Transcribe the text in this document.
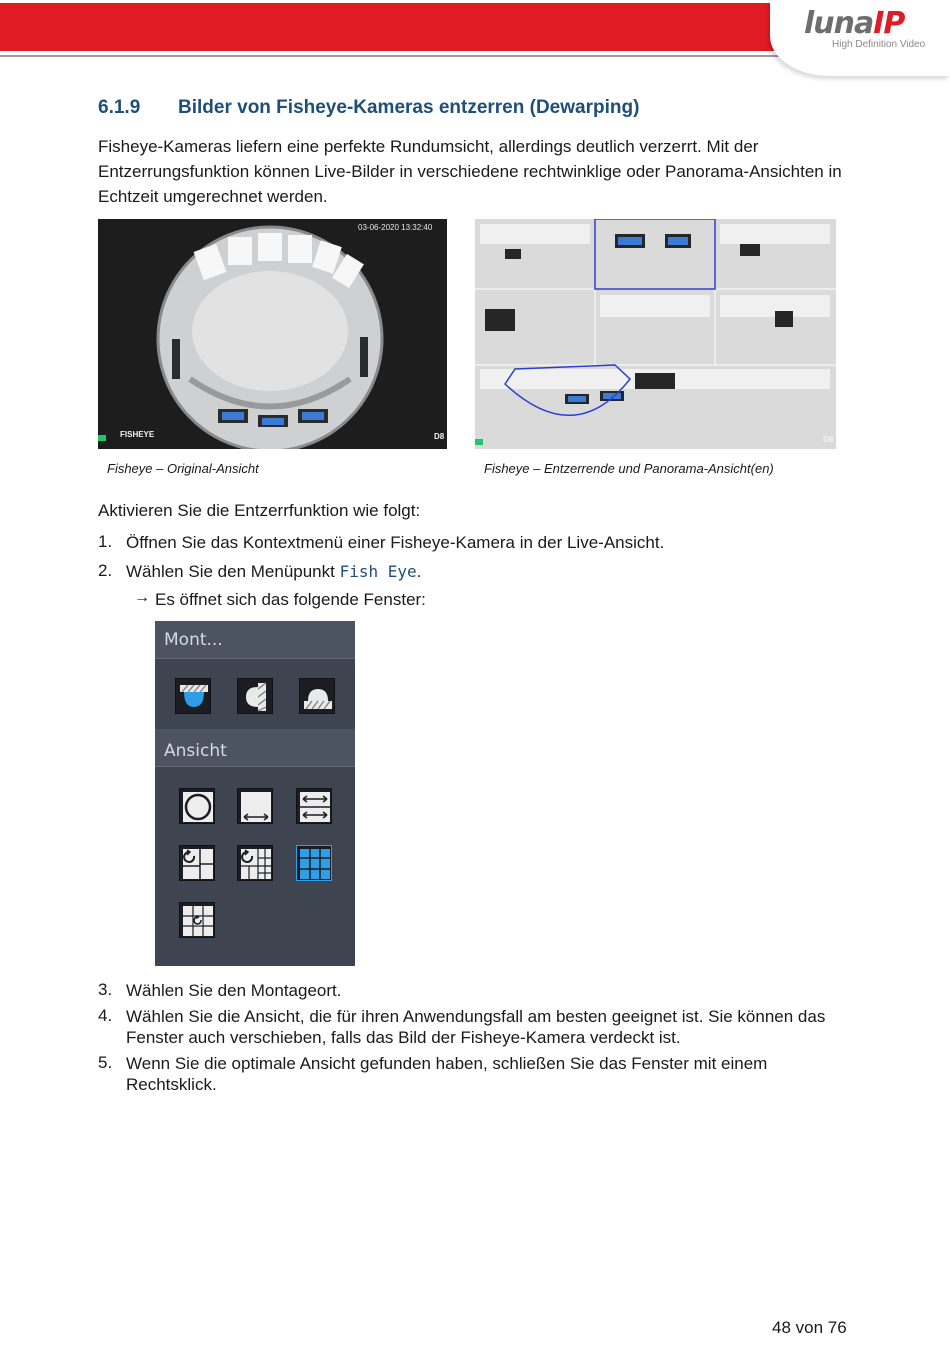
lunaIP
High Definition Video
6.1.9 Bilder von Fisheye-Kameras entzerren (Dewarping)

Fisheye-Kameras liefern eine perfekte Rundumsicht, allerdings deutlich verzerrt. Mit der Entzerrungsfunktion können Live-Bilder in verschiedene rechtwinklige oder Panorama-Ansichten in Echtzeit umgerechnet werden.

03-06-2020 13:32:40
FISHEYE	D8	D8
Fisheye – Original-Ansicht	Fisheye – Entzerrende und Panorama-Ansicht(en)
Aktivieren Sie die Entzerrfunktion wie folgt:
1. Öffnen Sie das Kontextmenü einer Fisheye-Kamera in der Live-Ansicht.
2. Wählen Sie den Menüpunkt Fish Eye.
→ Es öffnet sich das folgende Fenster:
Mont...
Ansicht
3. Wählen Sie den Montageort.
4. Wählen Sie die Ansicht, die für ihren Anwendungsfall am besten geeignet ist. Sie können das Fenster auch verschieben, falls das Bild der Fisheye-Kamera verdeckt ist.
5. Wenn Sie die optimale Ansicht gefunden haben, schließen Sie das Fenster mit einem Rechtsklick.
48 von 76
